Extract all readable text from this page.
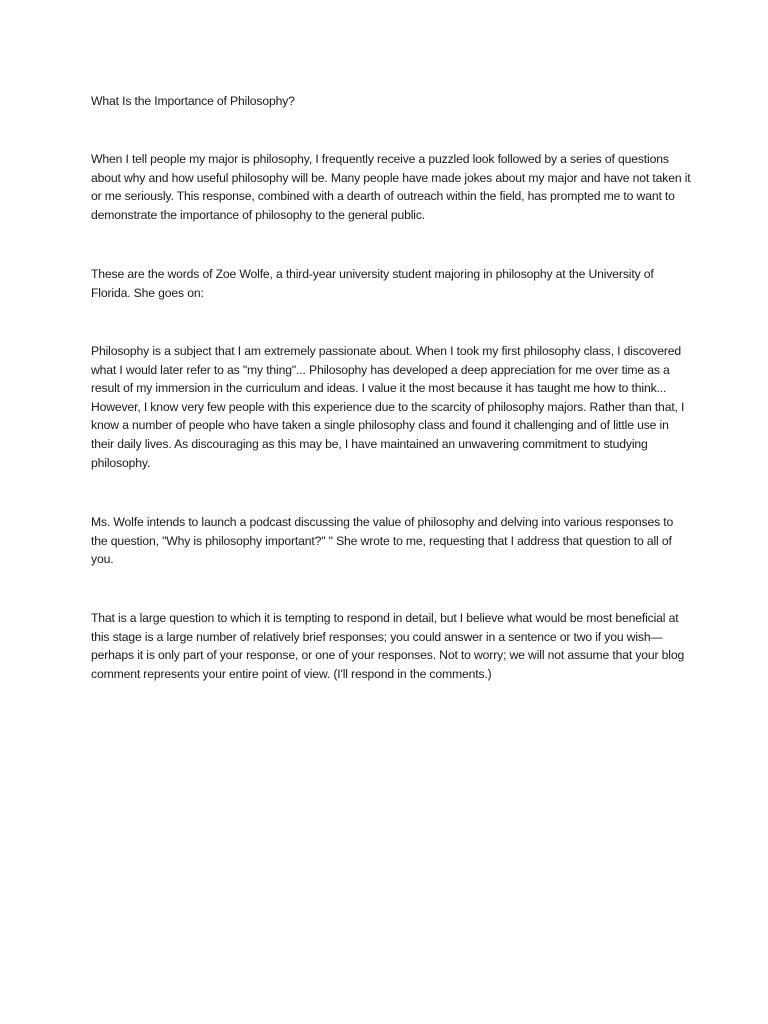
What Is the Importance of Philosophy?

When I tell people my major is philosophy, I frequently receive a puzzled look followed by a series of questions about why and how useful philosophy will be. Many people have made jokes about my major and have not taken it or me seriously. This response, combined with a dearth of outreach within the field, has prompted me to want to demonstrate the importance of philosophy to the general public.

These are the words of Zoe Wolfe, a third-year university student majoring in philosophy at the University of Florida. She goes on:

Philosophy is a subject that I am extremely passionate about. When I took my first philosophy class, I discovered what I would later refer to as "my thing"... Philosophy has developed a deep appreciation for me over time as a result of my immersion in the curriculum and ideas. I value it the most because it has taught me how to think... However, I know very few people with this experience due to the scarcity of philosophy majors. Rather than that, I know a number of people who have taken a single philosophy class and found it challenging and of little use in their daily lives. As discouraging as this may be, I have maintained an unwavering commitment to studying philosophy.

Ms. Wolfe intends to launch a podcast discussing the value of philosophy and delving into various responses to the question, "Why is philosophy important?" " She wrote to me, requesting that I address that question to all of you.

That is a large question to which it is tempting to respond in detail, but I believe what would be most beneficial at this stage is a large number of relatively brief responses; you could answer in a sentence or two if you wish—perhaps it is only part of your response, or one of your responses. Not to worry; we will not assume that your blog comment represents your entire point of view. (I'll respond in the comments.)
